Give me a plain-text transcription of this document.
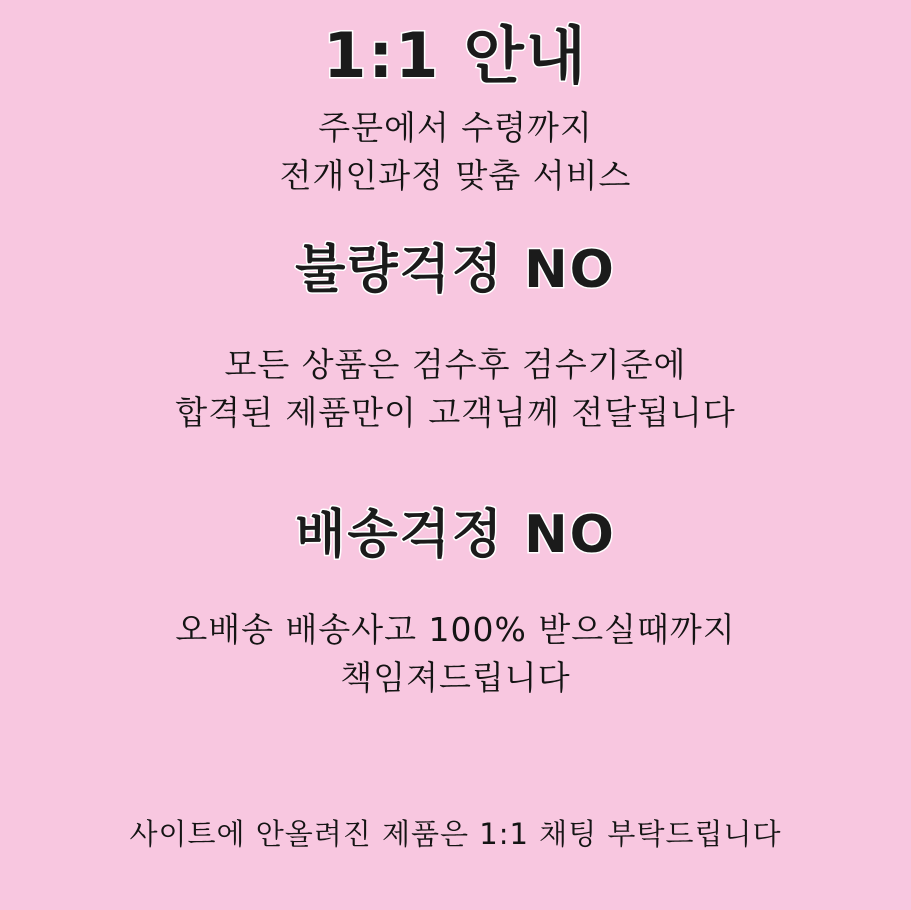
1:1 안내
주문에서 수령까지
전개인과정 맞춤 서비스
불량걱정 NO
모든 상품은 검수후 검수기준에
합격된 제품만이 고객님께 전달됩니다
배송걱정 NO
오배송 배송사고 100% 받으실때까지
책임져드립니다
사이트에 안올려진 제품은 1:1 채팅 부탁드립니다
